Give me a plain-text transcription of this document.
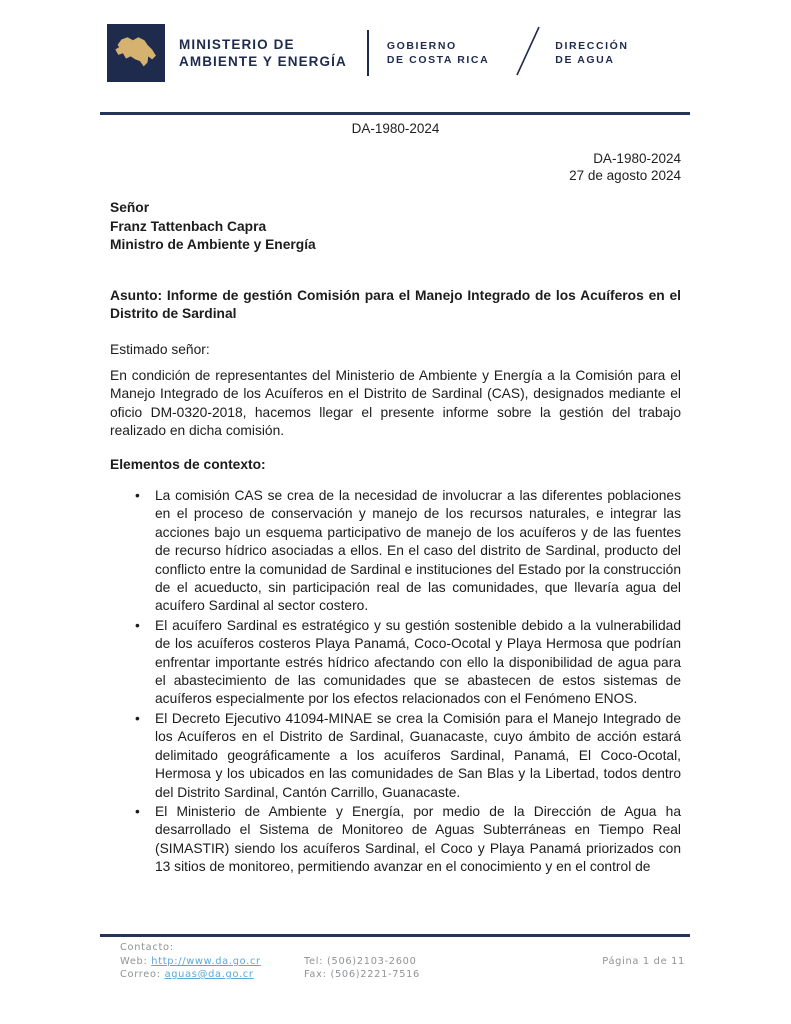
MINISTERIO DE
AMBIENTE Y ENERGÍA
GOBIERNO
DE COSTA RICA
DIRECCIÓN
DE AGUA
DA-1980-2024
DA-1980-2024
27 de agosto 2024
Señor
Franz Tattenbach Capra
Ministro de Ambiente y Energía
Asunto: Informe de gestión Comisión para el Manejo Integrado de los Acuíferos en el Distrito de Sardinal
Estimado señor:
En condición de representantes del Ministerio de Ambiente y Energía a la Comisión para el Manejo Integrado de los Acuíferos en el Distrito de Sardinal (CAS), designados mediante el oficio DM-0320-2018, hacemos llegar el presente informe sobre la gestión del trabajo realizado en dicha comisión.
Elementos de contexto:
•	La comisión CAS se crea de la necesidad de involucrar a las diferentes poblaciones en el proceso de conservación y manejo de los recursos naturales, e integrar las acciones bajo un esquema participativo de manejo de los acuíferos y de las fuentes de recurso hídrico asociadas a ellos. En el caso del distrito de Sardinal, producto del conflicto entre la comunidad de Sardinal e instituciones del Estado por la construcción de el acueducto, sin participación real de las comunidades, que llevaría agua del acuífero Sardinal al sector costero.
•	El acuífero Sardinal es estratégico y su gestión sostenible debido a la vulnerabilidad de los acuíferos costeros Playa Panamá, Coco-Ocotal y Playa Hermosa que podrían enfrentar importante estrés hídrico afectando con ello la disponibilidad de agua para el abastecimiento de las comunidades que se abastecen de estos sistemas de acuíferos especialmente por los efectos relacionados con el Fenómeno ENOS.
•	El Decreto Ejecutivo 41094-MINAE se crea la Comisión para el Manejo Integrado de los Acuíferos en el Distrito de Sardinal, Guanacaste, cuyo ámbito de acción estará delimitado geográficamente a los acuíferos Sardinal, Panamá, El Coco-Ocotal, Hermosa y los ubicados en las comunidades de San Blas y la Libertad, todos dentro del Distrito Sardinal, Cantón Carrillo, Guanacaste.
•	El Ministerio de Ambiente y Energía, por medio de la Dirección de Agua ha desarrollado el Sistema de Monitoreo de Aguas Subterráneas en Tiempo Real (SIMASTIR) siendo los acuíferos Sardinal, el Coco y Playa Panamá priorizados con 13 sitios de monitoreo, permitiendo avanzar en el conocimiento y en el control de
Contacto:
Web: http://www.da.go.cr	Tel: (506)2103-2600
Correo: aguas@da.go.cr	Fax: (506)2221-7516
Página 1 de 11
